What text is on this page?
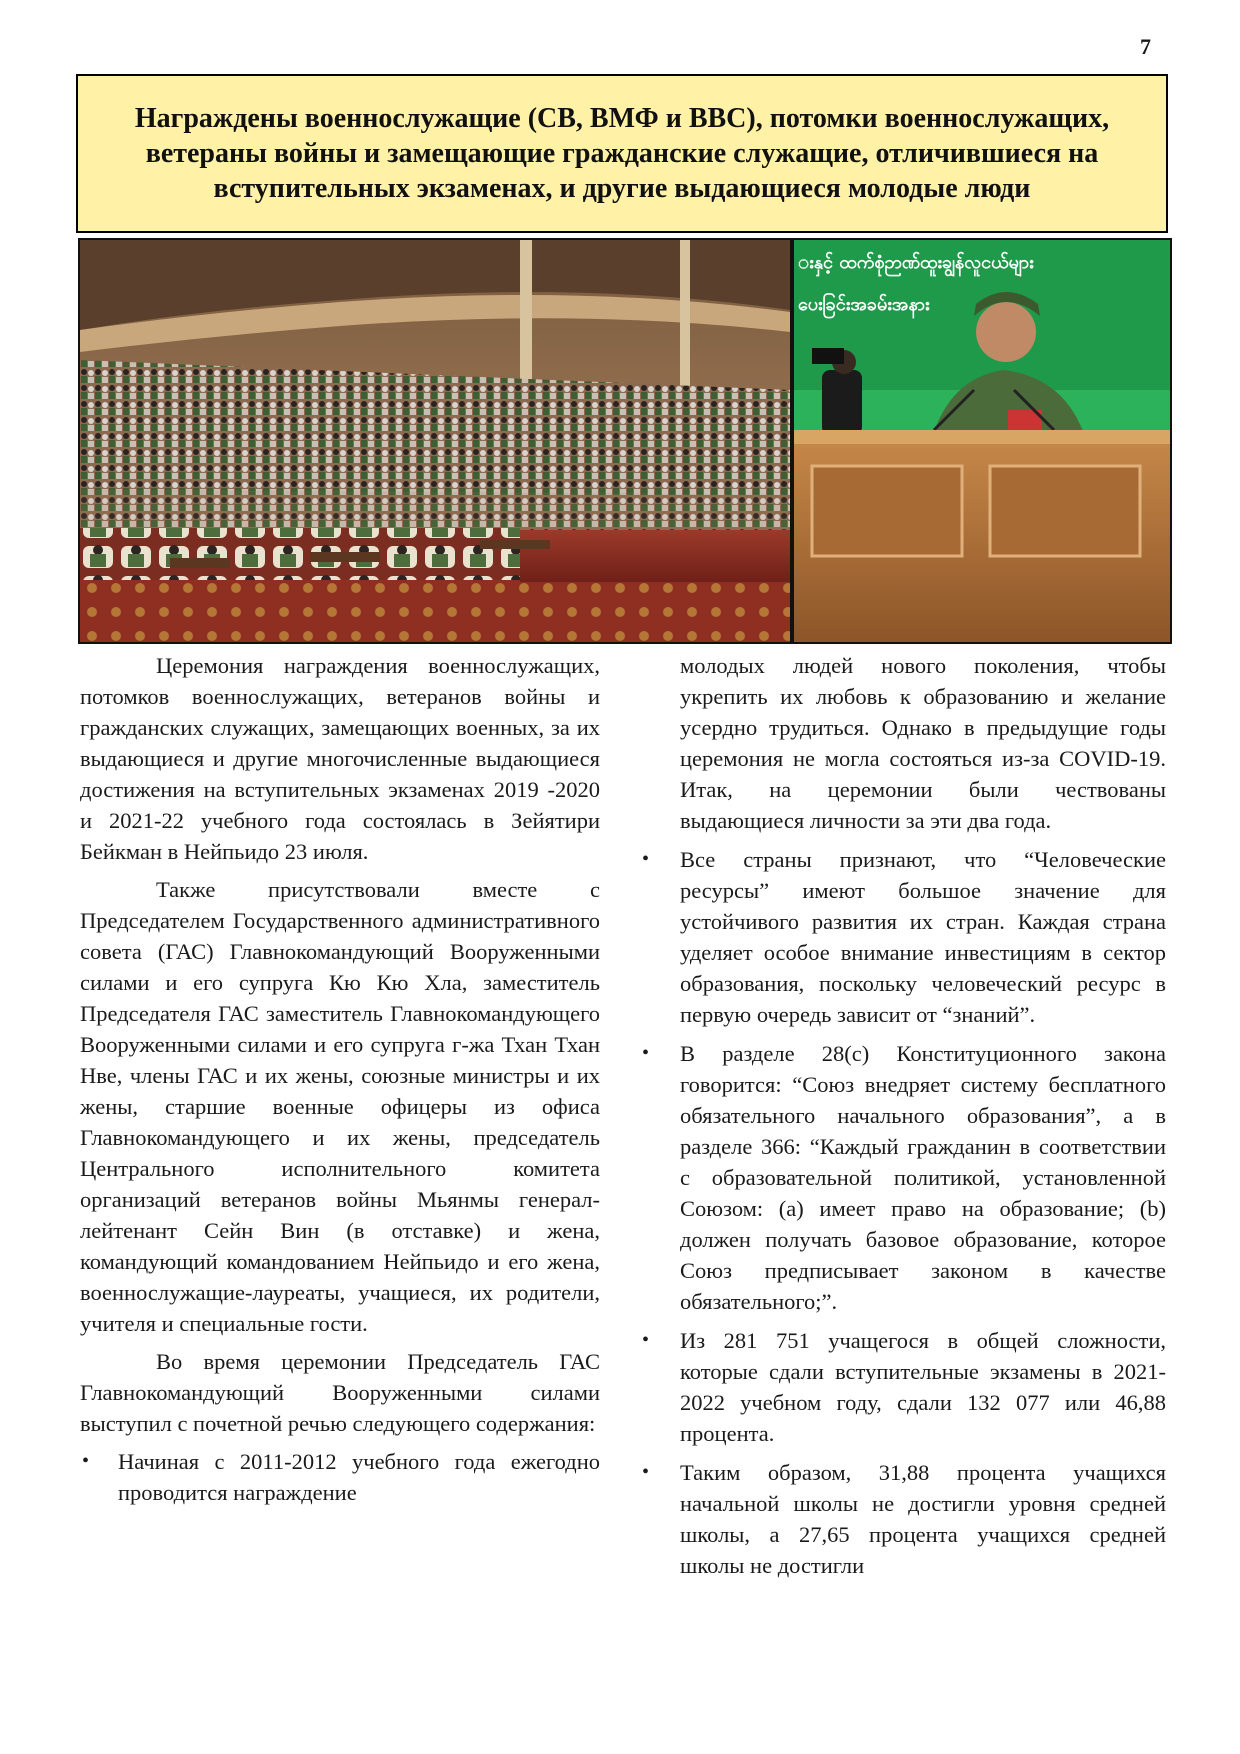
7
Награждены военнослужащие (СВ, ВМФ и ВВС), потомки военнослужащих, ветераны войны и замещающие гражданские служащие, отличившиеся на вступительных экзаменах, и другие выдающиеся молодые люди
းနှင့် ထက်စုံဉာဏ်ထူးချွန်လူငယ်များ
ပေးခြင်းအခမ်းအနား

Церемония награждения военнослужащих, потомков военнослужащих, ветеранов войны и гражданских служащих, замещающих военных, за их выдающиеся и другие многочисленные выдающиеся достижения на вступительных экзаменах 2019 -2020 и 2021-22 учебного года состоялась в Зейятири Бейкман в Нейпьидо 23 июля.

Также присутствовали вместе с Председателем Государственного административного совета (ГАС) Главнокомандующий Вооруженными силами и его супруга Кю Кю Хла, заместитель Председателя ГАС заместитель Главнокомандующего Вооруженными силами и его супруга г-жа Тхан Тхан Нве, члены ГАС и их жены, союзные министры и их жены, старшие военные офицеры из офиса Главнокомандующего и их жены, председатель Центрального исполнительного комитета организаций ветеранов войны Мьянмы генерал-лейтенант Сейн Вин (в отставке) и жена, командующий командованием Нейпьидо и его жена, военнослужащие-лауреаты, учащиеся, их родители, учителя и специальные гости.

Во время церемонии Председатель ГАС Главнокомандующий Вооруженными силами выступил с почетной речью следующего содержания:

• Начиная с 2011-2012 учебного года ежегодно проводится награждение

молодых людей нового поколения, чтобы укрепить их любовь к образованию и желание усердно трудиться. Однако в предыдущие годы церемония не могла состояться из-за COVID-19. Итак, на церемонии были чествованы выдающиеся личности за эти два года.

• Все страны признают, что “Человеческие ресурсы” имеют большое значение для устойчивого развития их стран. Каждая страна уделяет особое внимание инвестициям в сектор образования, поскольку человеческий ресурс в первую очередь зависит от “знаний”.
• В разделе 28(c) Конституционного закона говорится: “Союз внедряет систему бесплатного обязательного начального образования”, а в разделе 366: “Каждый гражданин в соответствии с образовательной политикой, установленной Союзом: (a) имеет право на образование; (b) должен получать базовое образование, которое Союз предписывает законом в качестве обязательного;”.
• Из 281 751 учащегося в общей сложности, которые сдали вступительные экзамены в 2021-2022 учебном году, сдали 132 077 или 46,88 процента.
• Таким образом, 31,88 процента учащихся начальной школы не достигли уровня средней школы, а 27,65 процента учащихся средней школы не достигли
